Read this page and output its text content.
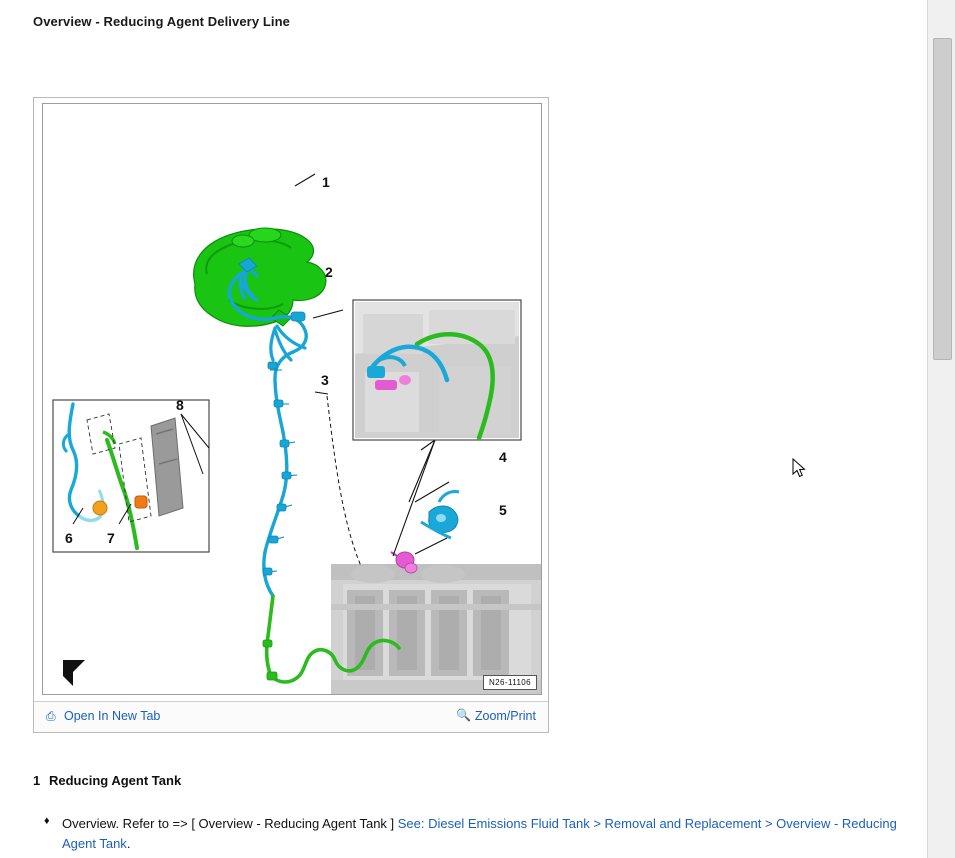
Overview - Reducing Agent Delivery Line
1
2
3
4
5
6 7
8
N26-11106
⎙ Open In New Tab	🔍 Zoom/Print
1 Reducing Agent Tank
♦ Overview. Refer to => [ Overview - Reducing Agent Tank ] See: Diesel Emissions Fluid Tank > Removal and Replacement > Overview - Reducing Agent Tank.
